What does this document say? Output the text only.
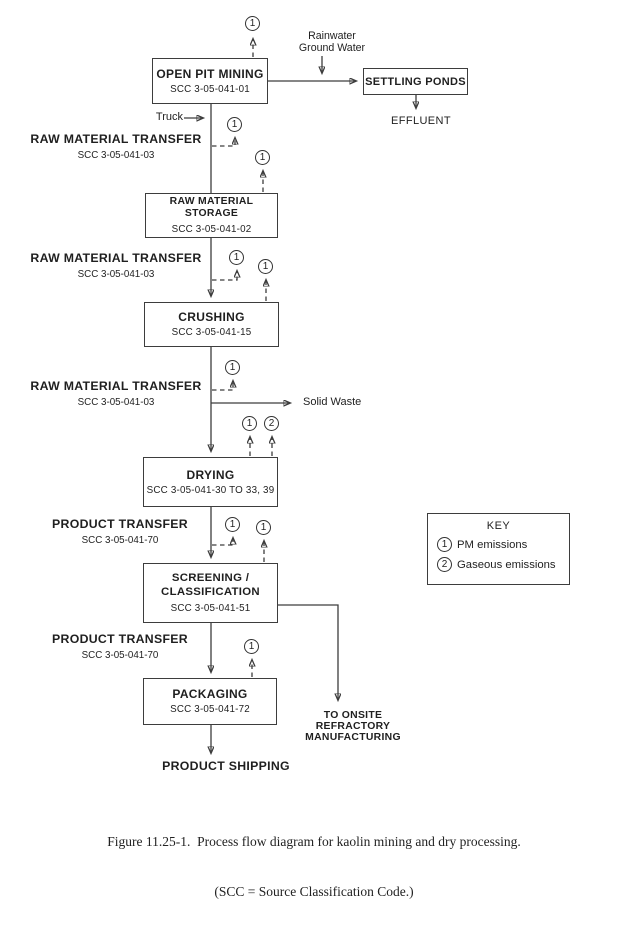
OPEN PIT MINING
SCC 3-05-041-01
SETTLING PONDS
RAW MATERIAL STORAGE
SCC 3-05-041-02
CRUSHING
SCC 3-05-041-15
DRYING
SCC 3-05-041-30 TO 33, 39
SCREENING /
CLASSIFICATION
SCC 3-05-041-51
PACKAGING
SCC 3-05-041-72
RAW MATERIAL TRANSFER
SCC 3-05-041-03
RAW MATERIAL TRANSFER
SCC 3-05-041-03
RAW MATERIAL TRANSFER
SCC 3-05-041-03
PRODUCT TRANSFER
SCC 3-05-041-70
PRODUCT TRANSFER
SCC 3-05-041-70
Rainwater
Ground Water
Truck	EFFLUENT
Solid Waste
PRODUCT SHIPPING
TO ONSITE
REFRACTORY
MANUFACTURING
1
1
1
1
1
1
1	2
1	1
1
KEY
1 PM emissions
2 Gaseous emissions

Figure 11.25-1.  Process flow diagram for kaolin mining and dry processing.

(SCC = Source Classification Code.)
